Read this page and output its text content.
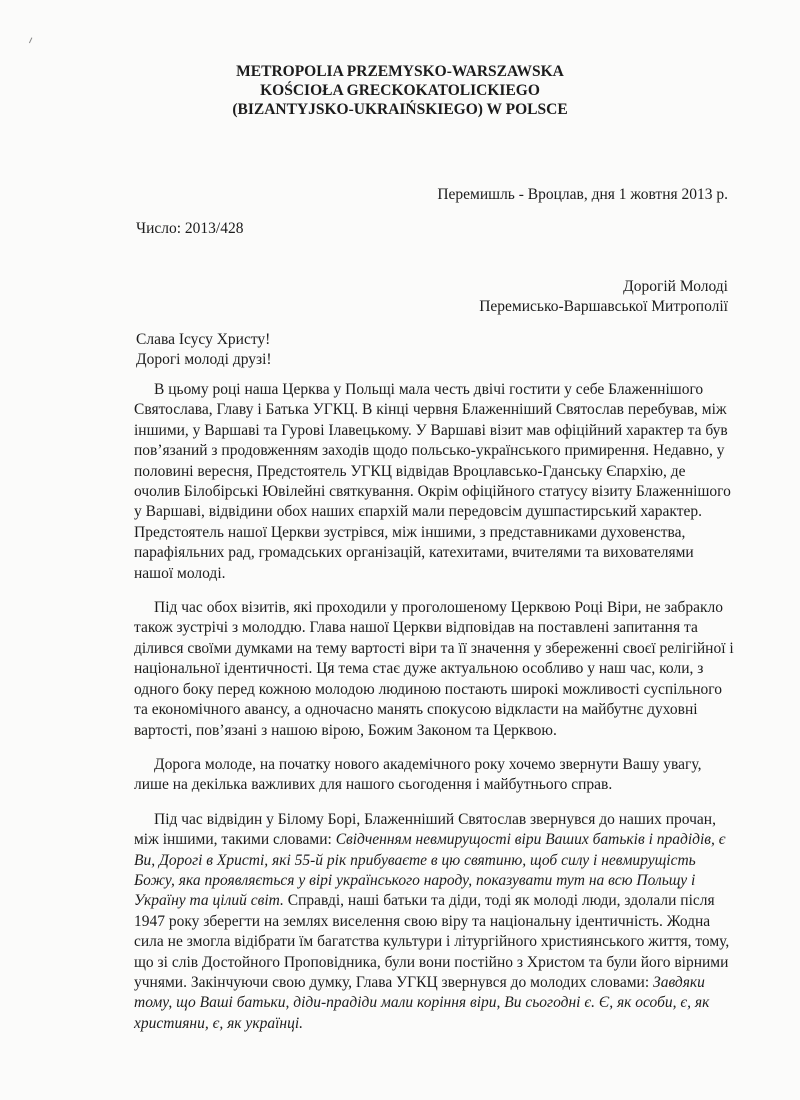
METROPOLIA PRZEMYSKO-WARSZAWSKA
KOŚCIOŁA GRECKOKATOLICKIEGO
(BIZANTYJSKO-UKRAIŃSKIEGO) W POLSCE
Перемишль - Вроцлав, дня 1 жовтня 2013 р.
Число: 2013/428
Дорогій Молоді
Перемисько-Варшавської Митрополії
Слава Ісусу Христу!
Дорогі молоді друзі!

В цьому році наша Церква у Польщі мала честь двічі гостити у себе Блаженнішого Святослава, Главу і Батька УГКЦ. В кінці червня Блаженніший Святослав перебував, між іншими, у Варшаві та Гурові Ілавецькому. У Варшаві візит мав офіційний характер та був пов’язаний з продовженням заходів щодо польсько-українського примирення. Недавно, у половині вересня, Предстоятель УГКЦ відвідав Вроцлавсько-Гданську Єпархію, де очолив Білобірські Ювілейні святкування. Окрім офіційного статусу візиту Блаженнішого у Варшаві, відвідини обох наших єпархій мали передовсім душпастирський характер. Предстоятель нашої Церкви зустрівся, між іншими, з представниками духовенства, парафіяльних рад, громадських організацій, катехитами, вчителями та вихователями нашої молоді.

Під час обох візитів, які проходили у проголошеному Церквою Році Віри, не забракло також зустрічі з молоддю. Глава нашої Церкви відповідав на поставлені запитання та ділився своїми думками на тему вартості віри та її значення у збереженні своєї релігійної і національної ідентичності. Ця тема стає дуже актуальною особливо у наш час, коли, з одного боку перед кожною молодою людиною постають широкі можливості суспільного та економічного авансу, а одночасно манять спокусою відкласти на майбутнє духовні вартості, пов’язані з нашою вірою, Божим Законом та Церквою.

Дорога молоде, на початку нового академічного року хочемо звернути Вашу увагу, лише на декілька важливих для нашого сьогодення і майбутнього справ.

Під час відвідин у Білому Борі, Блаженніший Святослав звернувся до наших прочан, між іншими, такими словами: Свідченням невмирущості віри Ваших батьків і прадідів, є Ви, Дорогі в Христі, які 55-й рік прибуваєте в цю святиню, щоб силу і невмирущість Божу, яка проявляється у вірі українського народу, показувати тут на всю Польщу і Україну та цілий світ. Справді, наші батьки та діди, тоді як молоді люди, здолали після 1947 року зберегти на землях виселення свою віру та національну ідентичність. Жодна сила не змогла відібрати їм багатства культури і літургійного християнського життя, тому, що зі слів Достойного Проповідника, були вони постійно з Христом та були його вірними учнями. Закінчуючи свою думку, Глава УГКЦ звернувся до молодих словами: Завдяки тому, що Ваші батьки, діди-прадіди мали коріння віри, Ви сьогодні є. Є, як особи, є, як християни, є, як українці.
